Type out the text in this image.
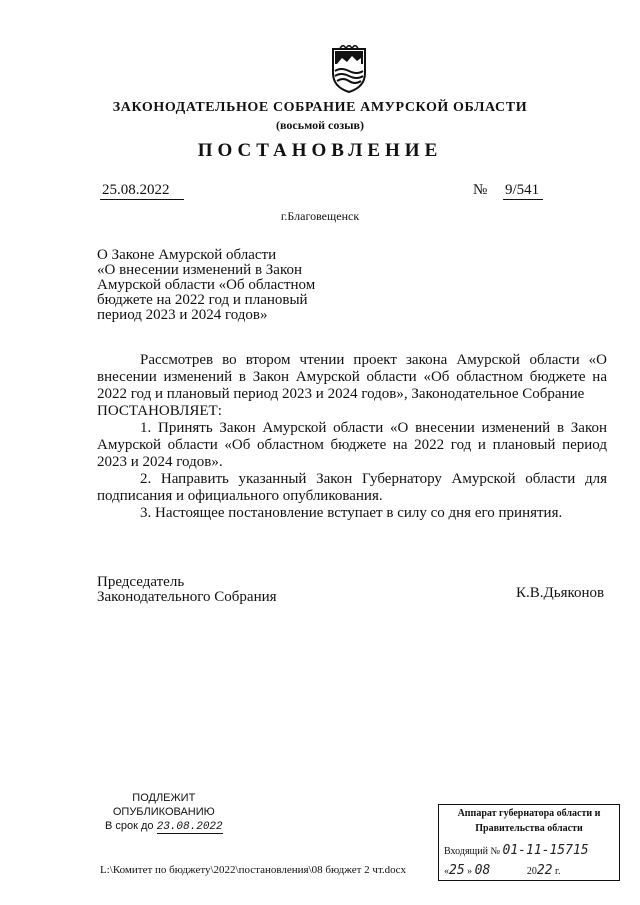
ЗАКОНОДАТЕЛЬНОЕ СОБРАНИЕ АМУРСКОЙ ОБЛАСТИ
(восьмой созыв)
ПОСТАНОВЛЕНИЕ
25.08.2022	№ 9/541
г.Благовещенск
О Законе Амурской области
«О внесении изменений в Закон
Амурской области «Об областном
бюджете на 2022 год и плановый
период 2023 и 2024 годов»

Рассмотрев во втором чтении проект закона Амурской области «О внесении изменений в Закон Амурской области «Об областном бюджете на 2022 год и плановый период 2023 и 2024 годов», Законодательное Собрание

ПОСТАНОВЛЯЕТ:

1. Принять Закон Амурской области «О внесении изменений в Закон Амурской области «Об областном бюджете на 2022 год и плановый период 2023 и 2024 годов».

2. Направить указанный Закон Губернатору Амурской области для подписания и официального опубликования.

3. Настоящее постановление вступает в силу со дня его принятия.

Председатель
Законодательного Собрания	К.В.Дьяконов
ПОДЛЕЖИТ
ОПУБЛИКОВАНИЮ
В срок до 23.08.2022
Аппарат губернатора области и
Правительства области
Входящий № 01-11-15715
«25 » 08	2022 г.
L:\Комитет по бюджету\2022\постановления\08 бюджет 2 чт.docx
